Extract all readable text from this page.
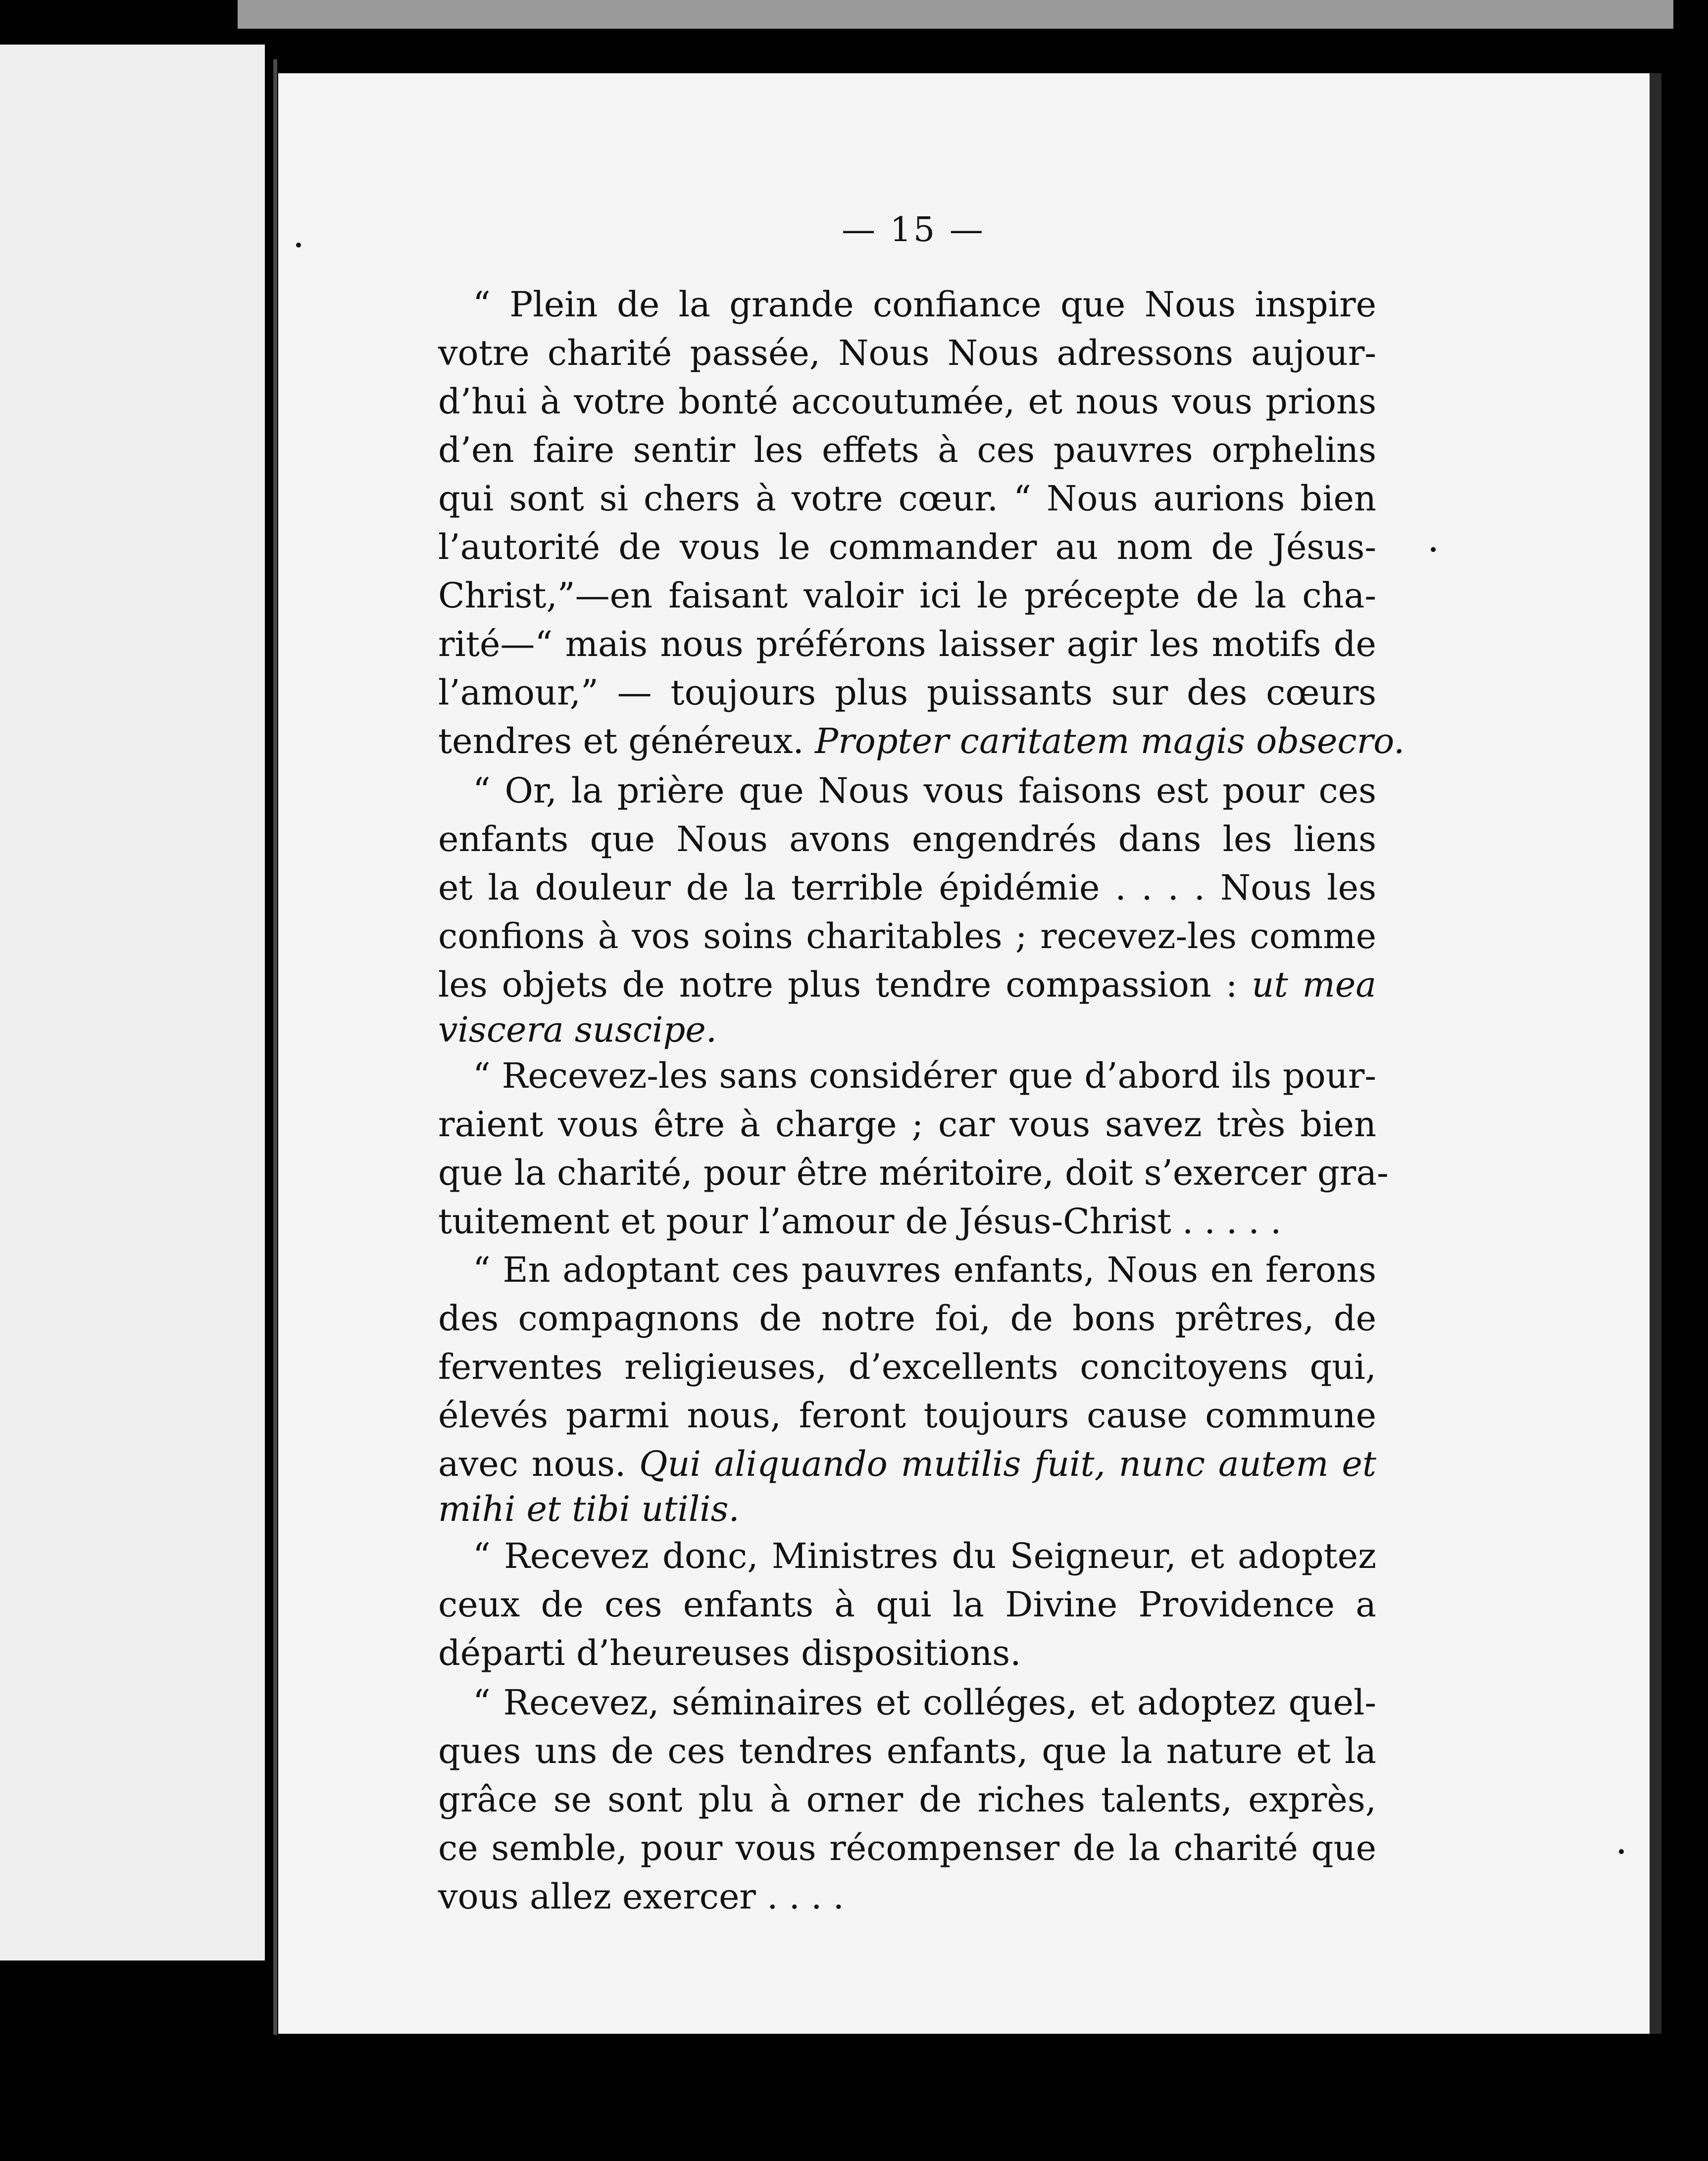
— 15 —
“ Plein de la grande confiance que Nous inspire
votre charité passée, Nous Nous adressons aujour-
d’hui à votre bonté accoutumée, et nous vous prions
d’en faire sentir les effets à ces pauvres orphelins
qui sont si chers à votre cœur. “ Nous aurions bien
l’autorité de vous le commander au nom de Jésus-
Christ,”—en faisant valoir ici le précepte de la cha-
rité—“ mais nous préférons laisser agir les motifs de
l’amour,” — toujours plus puissants sur des cœurs
tendres et généreux. Propter caritatem magis obsecro.
“ Or, la prière que Nous vous faisons est pour ces
enfants que Nous avons engendrés dans les liens
et la douleur de la terrible épidémie . . . . Nous les
confions à vos soins charitables ; recevez-les comme
les objets de notre plus tendre compassion : ut mea
viscera suscipe.
“ Recevez-les sans considérer que d’abord ils pour-
raient vous être à charge ; car vous savez très bien
que la charité, pour être méritoire, doit s’exercer gra-
tuitement et pour l’amour de Jésus-Christ . . . . .
“ En adoptant ces pauvres enfants, Nous en ferons
des compagnons de notre foi, de bons prêtres, de
ferventes religieuses, d’excellents concitoyens qui,
élevés parmi nous, feront toujours cause commune
avec nous. Qui aliquando mutilis fuit, nunc autem et
mihi et tibi utilis.
“ Recevez donc, Ministres du Seigneur, et adoptez
ceux de ces enfants à qui la Divine Providence a
départi d’heureuses dispositions.
“ Recevez, séminaires et colléges, et adoptez quel-
ques uns de ces tendres enfants, que la nature et la
grâce se sont plu à orner de riches talents, exprès,
ce semble, pour vous récompenser de la charité que
vous allez exercer . . . .
